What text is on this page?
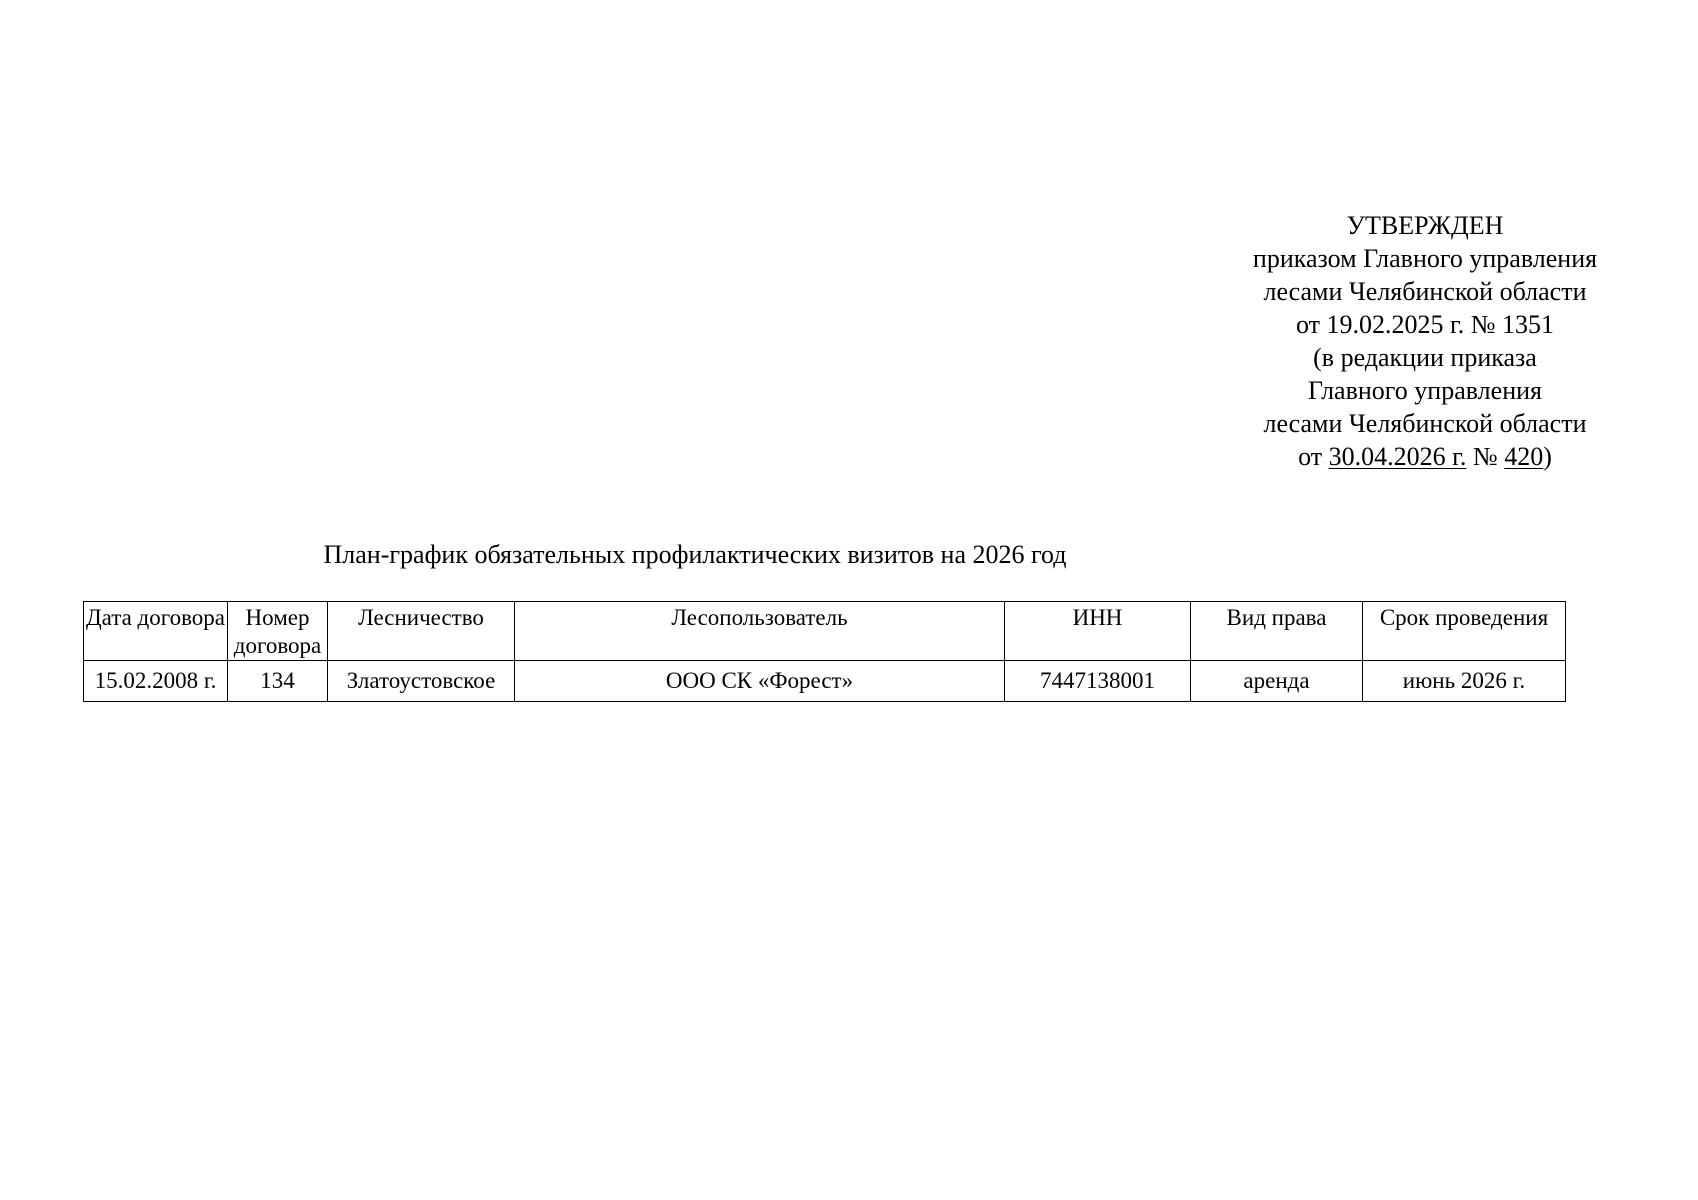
УТВЕРЖДЕН
приказом Главного управления
лесами Челябинской области
от 19.02.2025 г. № 1351
(в редакции приказа
Главного управления
лесами Челябинской области
от 30.04.2026 г. № 420)
План-график обязательных профилактических визитов на 2026 год
Дата договора	Номер договора	Лесничество	Лесопользователь	ИНН	Вид права	Срок проведения
15.02.2008 г.	134	Златоустовское	ООО СК «Форест»	7447138001	аренда	июнь 2026 г.
